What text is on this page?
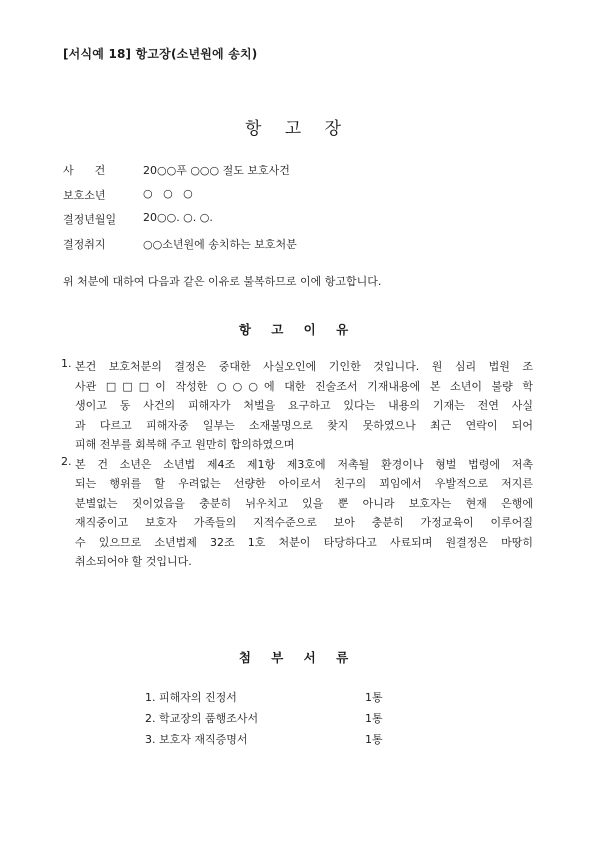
[서식예 18] 항고장(소년원에 송치)
항 고 장
사      건	20○○푸 ○○○ 절도 보호사건
보호소년	○   ○   ○
결정년월일	20○○. ○. ○.
결정취지	○○소년원에 송치하는 보호처분
위 처분에 대하여 다음과 같은 이유로 불복하므로 이에 항고합니다.
항 고 이 유
1. 본건 보호처분의 결정은 중대한 사실오인에 기인한 것입니다. 원 심리 법원 조
사관 □□□이 작성한 ○○○에 대한 진술조서 기재내용에 본 소년이 불량 학
생이고 동 사건의 피해자가 처벌을 요구하고 있다는 내용의 기재는 전연 사실
과 다르고 피해자중 일부는 소재불명으로 찾지 못하였으나 최근 연락이 되어
피해 전부를 회복해 주고 원만히 합의하였으며
2. 본 건 소년은 소년법 제4조 제1항 제3호에 저촉될 환경이나 형벌 법령에 저촉
되는 행위를 할 우려없는 선량한 아이로서 친구의 꾀임에서 우발적으로 저지른
분별없는 짓이었음을 충분히 뉘우치고 있을 뿐 아니라 보호자는 현재 은행에
재직중이고 보호자 가족들의 지적수준으로 보아 충분히 가정교육이 이루어질
수 있으므로 소년법제 32조 1호 처분이 타당하다고 사료되며 원결정은 마땅히
취소되어야 할 것입니다.
첨 부 서 류
1. 피해자의 진정서	1통
2. 학교장의 품행조사서	1통
3. 보호자 재직증명서	1통
